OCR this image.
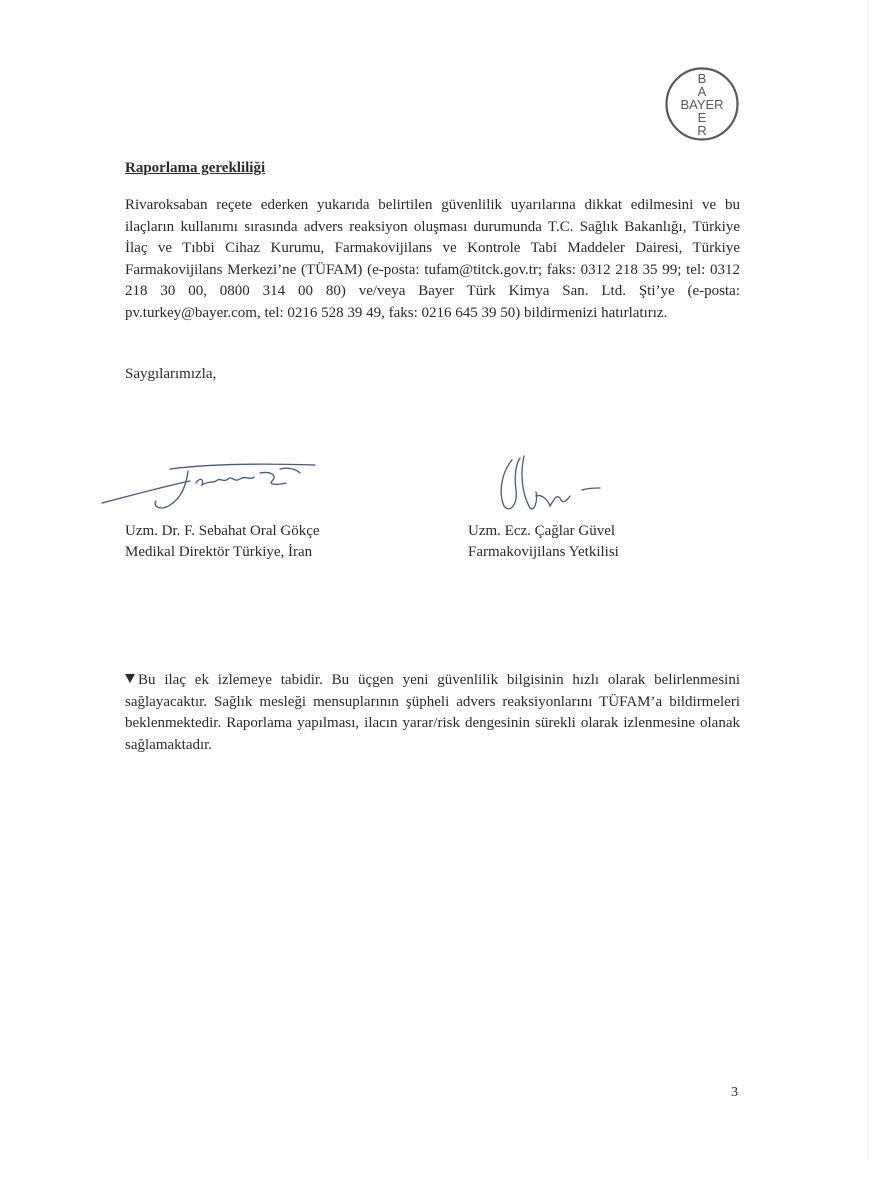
B
A
BAYER
E
R
Raporlama gerekliliği

Rivaroksaban reçete ederken yukarıda belirtilen güvenlilik uyarılarına dikkat edilmesini ve bu ilaçların kullanımı sırasında advers reaksiyon oluşması durumunda T.C. Sağlık Bakanlığı, Türkiye İlaç ve Tıbbi Cihaz Kurumu, Farmakovijilans ve Kontrole Tabi Maddeler Dairesi, Türkiye Farmakovijilans Merkezi’ne (TÜFAM) (e-posta: tufam@titck.gov.tr; faks: 0312 218 35 99; tel: 0312 218 30 00, 0800 314 00 80) ve/veya Bayer Türk Kimya San. Ltd. Şti’ye (e-posta: pv.turkey@bayer.com, tel: 0216 528 39 49, faks: 0216 645 39 50) bildirmenizi hatırlatırız.

Saygılarımızla,
Uzm. Dr. F. Sebahat Oral Gökçe
Medikal Direktör Türkiye, İran
Uzm. Ecz. Çağlar Güvel
Farmakovijilans Yetkilisi

Bu ilaç ek izlemeye tabidir. Bu üçgen yeni güvenlilik bilgisinin hızlı olarak belirlenmesini sağlayacaktır. Sağlık mesleği mensuplarının şüpheli advers reaksiyonlarını TÜFAM’a bildirmeleri beklenmektedir. Raporlama yapılması, ilacın yarar/risk dengesinin sürekli olarak izlenmesine olanak sağlamaktadır.

3
